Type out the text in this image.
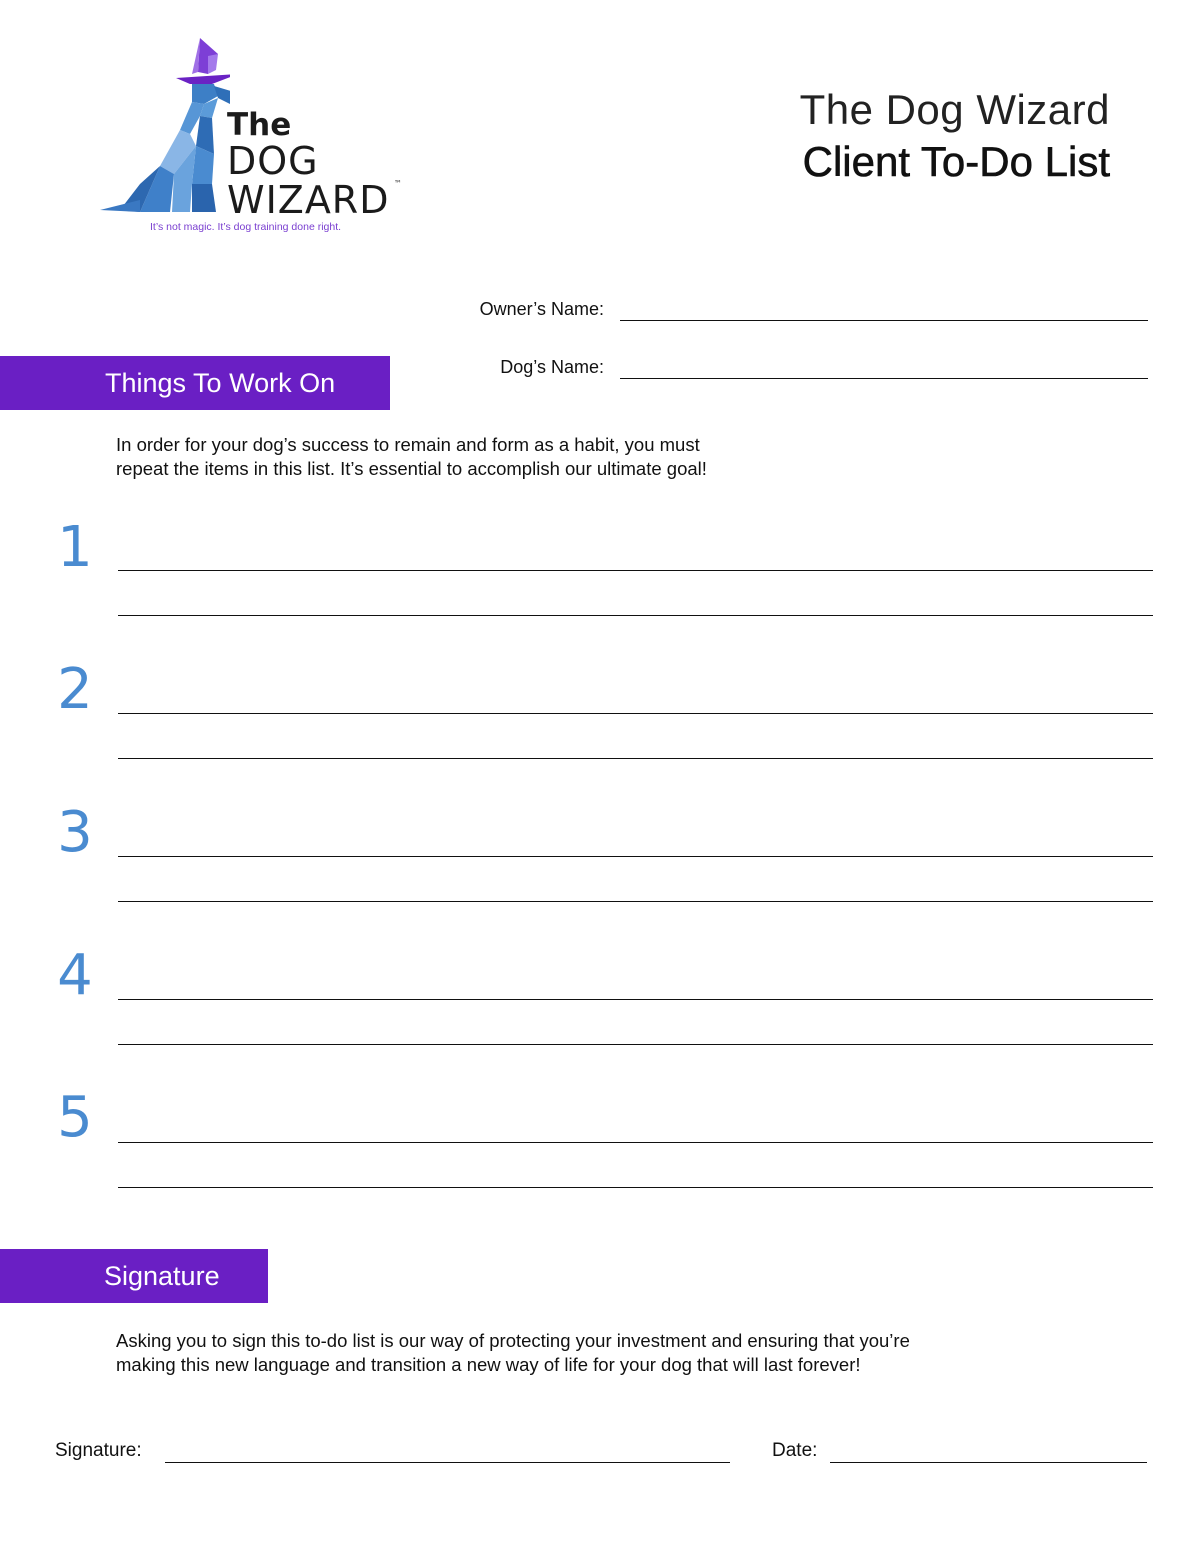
The
DOG
WIZARD ™
It’s not magic. It’s dog training done right.
The Dog Wizard
Client To-Do List
Owner’s Name:
Dog’s Name:
Things To Work On
In order for your dog’s success to remain and form as a habit, you must
repeat the items in this list. It’s essential to accomplish our ultimate goal!
1
2
3
4
5
Signature
Asking you to sign this to-do list is our way of protecting your investment and ensuring that you’re
making this new language and transition a new way of life for your dog that will last forever!
Signature:	Date:
